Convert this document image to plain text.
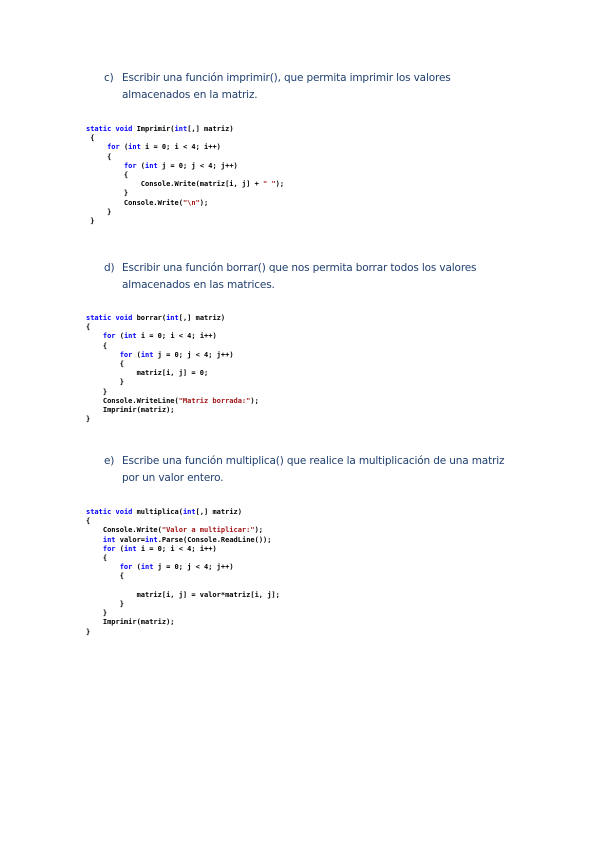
c) Escribir una función imprimir(), que permita imprimir los valores almacenados en la matriz.
static void Imprimir(int[,] matriz)
{
for (int i = 0; i < 4; i++)
{
for (int j = 0; j < 4; j++)
{
Console.Write(matriz[i, j] + " ");
}
Console.Write("\n");
}
}
d) Escribir una función borrar() que nos permita borrar todos los valores almacenados en las matrices.
static void borrar(int[,] matriz)
{
for (int i = 0; i < 4; i++)
{
for (int j = 0; j < 4; j++)
{
matriz[i, j] = 0;
}
}
Console.WriteLine("Matriz borrada:");
Imprimir(matriz);
}
e) Escribe una función multiplica() que realice la multiplicación de una matriz por un valor entero.
static void multiplica(int[,] matriz)
{
Console.Write("Valor a multiplicar:");
int valor=int.Parse(Console.ReadLine());
for (int i = 0; i < 4; i++)
{
for (int j = 0; j < 4; j++)
{

matriz[i, j] = valor*matriz[i, j];
}
}
Imprimir(matriz);
}
